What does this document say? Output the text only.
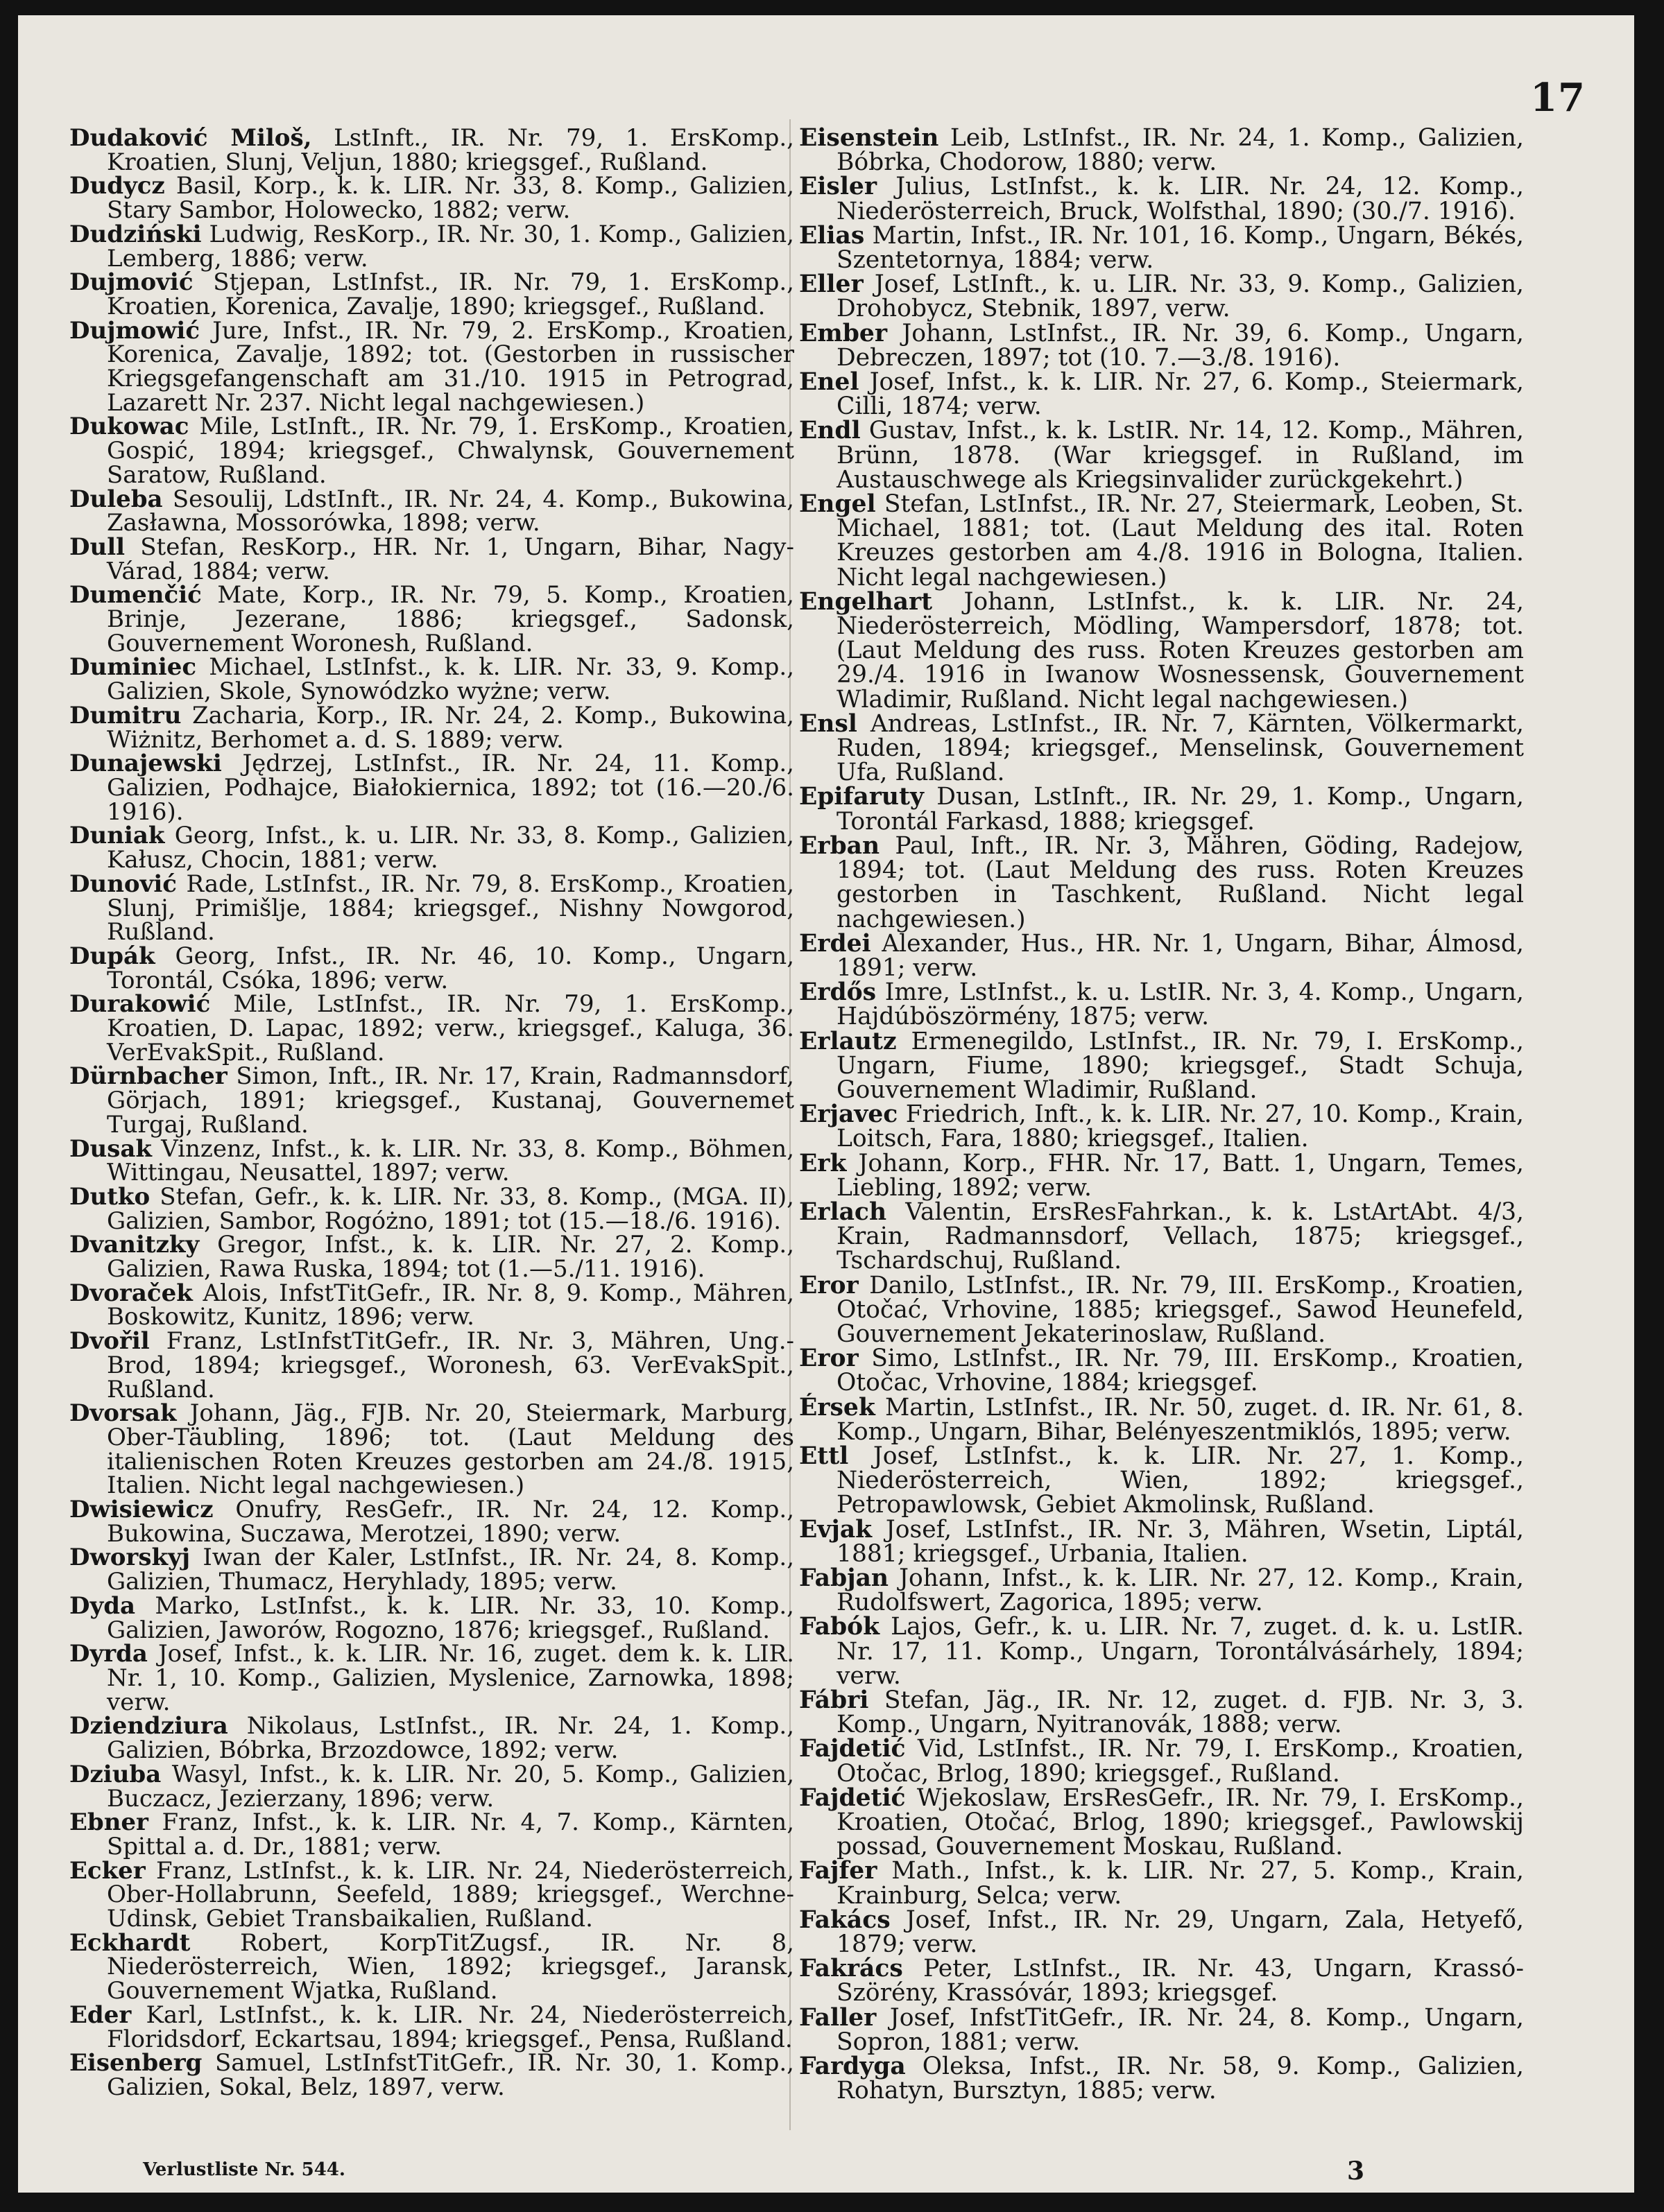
17

Dudaković Miloš, LstInft., IR. Nr. 79, 1. ErsKomp., Kroatien, Slunj, Veljun, 1880; kriegsgef., Rußland.

Dudycz Basil, Korp., k. k. LIR. Nr. 33, 8. Komp., Galizien, Stary Sambor, Holowecko, 1882; verw.

Dudziński Ludwig, ResKorp., IR. Nr. 30, 1. Komp., Galizien, Lemberg, 1886; verw.

Dujmović Stjepan, LstInfst., IR. Nr. 79, 1. ErsKomp., Kroatien, Korenica, Zavalje, 1890; kriegsgef., Rußland.

Dujmowić Jure, Infst., IR. Nr. 79, 2. ErsKomp., Kroatien, Korenica, Zavalje, 1892; tot. (Gestorben in russischer Kriegsgefangenschaft am 31./10. 1915 in Petrograd, Lazarett Nr. 237. Nicht legal nachgewiesen.)

Dukowac Mile, LstInft., IR. Nr. 79, 1. ErsKomp., Kroatien, Gospić, 1894; kriegsgef., Chwalynsk, Gouvernement Saratow, Rußland.

Duleba Sesoulij, LdstInft., IR. Nr. 24, 4. Komp., Bukowina, Zasławna, Mossorówka, 1898; verw.

Dull Stefan, ResKorp., HR. Nr. 1, Ungarn, Bihar, Nagy-Várad, 1884; verw.

Dumenčić Mate, Korp., IR. Nr. 79, 5. Komp., Kroatien, Brinje, Jezerane, 1886; kriegsgef., Sadonsk, Gouvernement Woronesh, Rußland.

Duminiec Michael, LstInfst., k. k. LIR. Nr. 33, 9. Komp., Galizien, Skole, Synowódzko wyżne; verw.

Dumitru Zacharia, Korp., IR. Nr. 24, 2. Komp., Bukowina, Wiżnitz, Berhomet a. d. S. 1889; verw.

Dunajewski Jędrzej, LstInfst., IR. Nr. 24, 11. Komp., Galizien, Podhajce, Białokiernica, 1892; tot (16.—20./6. 1916).

Duniak Georg, Infst., k. u. LIR. Nr. 33, 8. Komp., Galizien, Kałusz, Chocin, 1881; verw.

Dunović Rade, LstInfst., IR. Nr. 79, 8. ErsKomp., Kroatien, Slunj, Primišlje, 1884; kriegsgef., Nishny Nowgorod, Rußland.

Dupák Georg, Infst., IR. Nr. 46, 10. Komp., Ungarn, Torontál, Csóka, 1896; verw.

Durakowić Mile, LstInfst., IR. Nr. 79, 1. ErsKomp., Kroatien, D. Lapac, 1892; verw., kriegsgef., Kaluga, 36. VerEvakSpit., Rußland.

Dürnbacher Simon, Inft., IR. Nr. 17, Krain, Radmannsdorf, Görjach, 1891; kriegsgef., Kustanaj, Gouvernemet Turgaj, Rußland.

Dusak Vinzenz, Infst., k. k. LIR. Nr. 33, 8. Komp., Böhmen, Wittingau, Neusattel, 1897; verw.

Dutko Stefan, Gefr., k. k. LIR. Nr. 33, 8. Komp., (MGA. II), Galizien, Sambor, Rogóżno, 1891; tot (15.—18./6. 1916).

Dvanitzky Gregor, Infst., k. k. LIR. Nr. 27, 2. Komp., Galizien, Rawa Ruska, 1894; tot (1.—5./11. 1916).

Dvoraček Alois, InfstTitGefr., IR. Nr. 8, 9. Komp., Mähren, Boskowitz, Kunitz, 1896; verw.

Dvořil Franz, LstInfstTitGefr., IR. Nr. 3, Mähren, Ung.-Brod, 1894; kriegsgef., Woronesh, 63. VerEvakSpit., Rußland.

Dvorsak Johann, Jäg., FJB. Nr. 20, Steiermark, Marburg, Ober-Täubling, 1896; tot. (Laut Meldung des italienischen Roten Kreuzes gestorben am 24./8. 1915, Italien. Nicht legal nachgewiesen.)

Dwisiewicz Onufry, ResGefr., IR. Nr. 24, 12. Komp., Bukowina, Suczawa, Merotzei, 1890; verw.

Dworskyj Iwan der Kaler, LstInfst., IR. Nr. 24, 8. Komp., Galizien, Thumacz, Heryhlady, 1895; verw.

Dyda Marko, LstInfst., k. k. LIR. Nr. 33, 10. Komp., Galizien, Jaworów, Rogozno, 1876; kriegsgef., Rußland.

Dyrda Josef, Infst., k. k. LIR. Nr. 16, zuget. dem k. k. LIR. Nr. 1, 10. Komp., Galizien, Myslenice, Zarnowka, 1898; verw.

Dziendziura Nikolaus, LstInfst., IR. Nr. 24, 1. Komp., Galizien, Bóbrka, Brzozdowce, 1892; verw.

Dziuba Wasyl, Infst., k. k. LIR. Nr. 20, 5. Komp., Galizien, Buczacz, Jezierzany, 1896; verw.

Ebner Franz, Infst., k. k. LIR. Nr. 4, 7. Komp., Kärnten, Spittal a. d. Dr., 1881; verw.

Ecker Franz, LstInfst., k. k. LIR. Nr. 24, Niederösterreich, Ober-Hollabrunn, Seefeld, 1889; kriegsgef., Werchne-Udinsk, Gebiet Transbaikalien, Rußland.

Eckhardt Robert, KorpTitZugsf., IR. Nr. 8, Niederösterreich, Wien, 1892; kriegsgef., Jaransk, Gouvernement Wjatka, Rußland.

Eder Karl, LstInfst., k. k. LIR. Nr. 24, Niederösterreich, Floridsdorf, Eckartsau, 1894; kriegsgef., Pensa, Rußland.

Eisenberg Samuel, LstInfstTitGefr., IR. Nr. 30, 1. Komp., Galizien, Sokal, Belz, 1897, verw.

Eisenstein Leib, LstInfst., IR. Nr. 24, 1. Komp., Galizien, Bóbrka, Chodorow, 1880; verw.

Eisler Julius, LstInfst., k. k. LIR. Nr. 24, 12. Komp., Niederösterreich, Bruck, Wolfsthal, 1890; (30./7. 1916).

Elias Martin, Infst., IR. Nr. 101, 16. Komp., Ungarn, Békés, Szentetornya, 1884; verw.

Eller Josef, LstInft., k. u. LIR. Nr. 33, 9. Komp., Galizien, Drohobycz, Stebnik, 1897, verw.

Ember Johann, LstInfst., IR. Nr. 39, 6. Komp., Ungarn, Debreczen, 1897; tot (10. 7.—3./8. 1916).

Enel Josef, Infst., k. k. LIR. Nr. 27, 6. Komp., Steiermark, Cilli, 1874; verw.

Endl Gustav, Infst., k. k. LstIR. Nr. 14, 12. Komp., Mähren, Brünn, 1878. (War kriegsgef. in Rußland, im Austauschwege als Kriegsinvalider zurückgekehrt.)

Engel Stefan, LstInfst., IR. Nr. 27, Steiermark, Leoben, St. Michael, 1881; tot. (Laut Meldung des ital. Roten Kreuzes gestorben am 4./8. 1916 in Bologna, Italien. Nicht legal nachgewiesen.)

Engelhart Johann, LstInfst., k. k. LIR. Nr. 24, Niederösterreich, Mödling, Wampersdorf, 1878; tot. (Laut Meldung des russ. Roten Kreuzes gestorben am 29./4. 1916 in Iwanow Wosnessensk, Gouvernement Wladimir, Rußland. Nicht legal nachgewiesen.)

Ensl Andreas, LstInfst., IR. Nr. 7, Kärnten, Völkermarkt, Ruden, 1894; kriegsgef., Menselinsk, Gouvernement Ufa, Rußland.

Epifaruty Dusan, LstInft., IR. Nr. 29, 1. Komp., Ungarn, Torontál Farkasd, 1888; kriegsgef.

Erban Paul, Inft., IR. Nr. 3, Mähren, Göding, Radejow, 1894; tot. (Laut Meldung des russ. Roten Kreuzes gestorben in Taschkent, Rußland. Nicht legal nachgewiesen.)

Erdei Alexander, Hus., HR. Nr. 1, Ungarn, Bihar, Álmosd, 1891; verw.

Erdős Imre, LstInfst., k. u. LstIR. Nr. 3, 4. Komp., Ungarn, Hajdúböszörmény, 1875; verw.

Erlautz Ermenegildo, LstInfst., IR. Nr. 79, I. ErsKomp., Ungarn, Fiume, 1890; kriegsgef., Stadt Schuja, Gouvernement Wladimir, Rußland.

Erjavec Friedrich, Inft., k. k. LIR. Nr. 27, 10. Komp., Krain, Loitsch, Fara, 1880; kriegsgef., Italien.

Erk Johann, Korp., FHR. Nr. 17, Batt. 1, Ungarn, Temes, Liebling, 1892; verw.

Erlach Valentin, ErsResFahrkan., k. k. LstArtAbt. 4/3, Krain, Radmannsdorf, Vellach, 1875; kriegsgef., Tschardschuj, Rußland.

Eror Danilo, LstInfst., IR. Nr. 79, III. ErsKomp., Kroatien, Otočać, Vrhovine, 1885; kriegsgef., Sawod Heunefeld, Gouvernement Jekaterinoslaw, Rußland.

Eror Simo, LstInfst., IR. Nr. 79, III. ErsKomp., Kroatien, Otočac, Vrhovine, 1884; kriegsgef.

Érsek Martin, LstInfst., IR. Nr. 50, zuget. d. IR. Nr. 61, 8. Komp., Ungarn, Bihar, Belényeszentmiklós, 1895; verw.

Ettl Josef, LstInfst., k. k. LIR. Nr. 27, 1. Komp., Niederösterreich, Wien, 1892; kriegsgef., Petropawlowsk, Gebiet Akmolinsk, Rußland.

Evjak Josef, LstInfst., IR. Nr. 3, Mähren, Wsetin, Liptál, 1881; kriegsgef., Urbania, Italien.

Fabjan Johann, Infst., k. k. LIR. Nr. 27, 12. Komp., Krain, Rudolfswert, Zagorica, 1895; verw.

Fabók Lajos, Gefr., k. u. LIR. Nr. 7, zuget. d. k. u. LstIR. Nr. 17, 11. Komp., Ungarn, Torontálvásárhely, 1894; verw.

Fábri Stefan, Jäg., IR. Nr. 12, zuget. d. FJB. Nr. 3, 3. Komp., Ungarn, Nyitranovák, 1888; verw.

Fajdetić Vid, LstInfst., IR. Nr. 79, I. ErsKomp., Kroatien, Otočac, Brlog, 1890; kriegsgef., Rußland.

Fajdetić Wjekoslaw, ErsResGefr., IR. Nr. 79, I. ErsKomp., Kroatien, Otočać, Brlog, 1890; kriegsgef., Pawlowskij possad, Gouvernement Moskau, Rußland.

Fajfer Math., Infst., k. k. LIR. Nr. 27, 5. Komp., Krain, Krainburg, Selca; verw.

Fakács Josef, Infst., IR. Nr. 29, Ungarn, Zala, Hetyefő, 1879; verw.

Fakrács Peter, LstInfst., IR. Nr. 43, Ungarn, Krassó-Szörény, Krassóvár, 1893; kriegsgef.

Faller Josef, InfstTitGefr., IR. Nr. 24, 8. Komp., Ungarn, Sopron, 1881; verw.

Fardyga Oleksa, Infst., IR. Nr. 58, 9. Komp., Galizien, Rohatyn, Bursztyn, 1885; verw.

Verlustliste Nr. 544.	3
